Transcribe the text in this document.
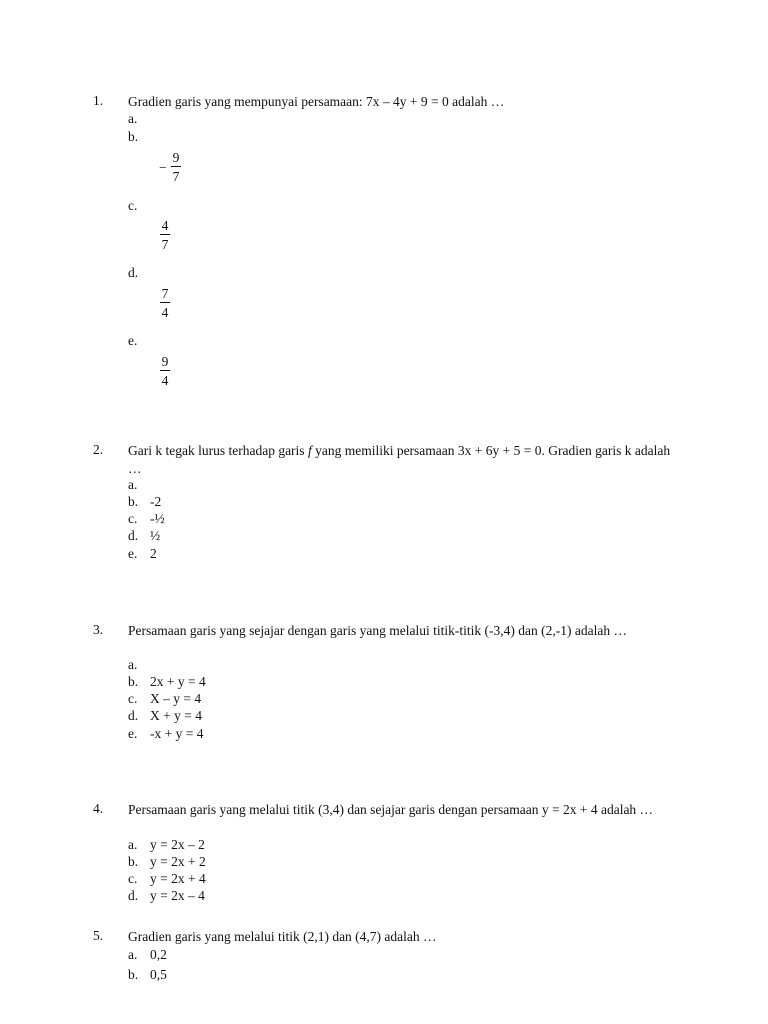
1. Gradien garis yang mempunyai persamaan: 7x – 4y + 9 = 0 adalah …
a.
b.
−
9
7
c.
4
7
d.
7
4
e.
9
4
2. Gari k tegak lurus terhadap garis f yang memiliki persamaan 3x + 6y + 5 = 0. Gradien garis k adalah …
a.
b. -2
c. -½
d. ½
e. 2
3. Persamaan garis yang sejajar dengan garis yang melalui titik-titik (-3,4) dan (2,-1) adalah …
a.
b. 2x + y = 4
c. X – y = 4
d. X + y = 4
e. -x + y = 4
4. Persamaan garis yang melalui titik (3,4) dan sejajar garis dengan persamaan y = 2x + 4 adalah …
a. y = 2x – 2
b. y = 2x + 2
c. y = 2x + 4
d. y = 2x – 4
5. Gradien garis yang melalui titik (2,1) dan (4,7) adalah …
a. 0,2
b. 0,5
